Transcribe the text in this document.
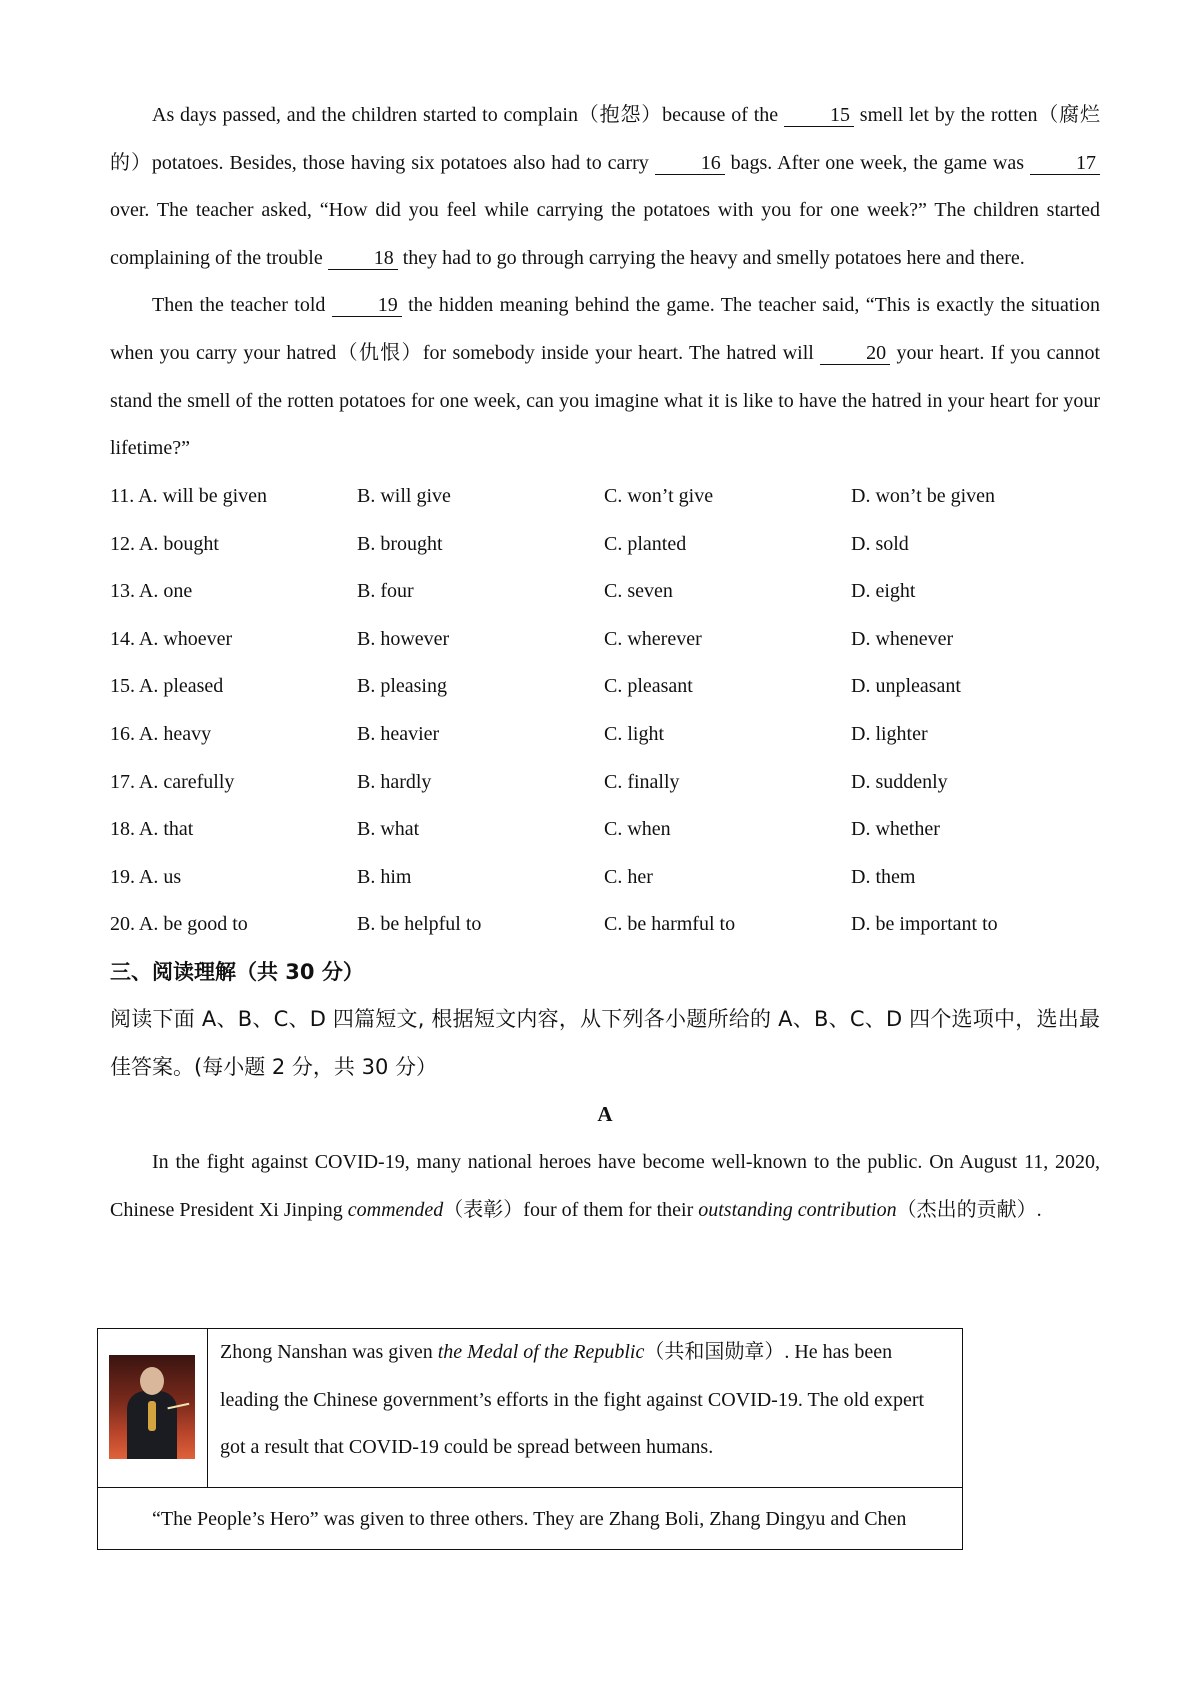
As days passed, and the children started to complain（抱怨）because of the 15 smell let by the rotten（腐烂的）potatoes. Besides, those having six potatoes also had to carry 16 bags. After one week, the game was 17 over. The teacher asked, “How did you feel while carrying the potatoes with you for one week?” The children started complaining of the trouble 18 they had to go through carrying the heavy and smelly potatoes here and there.

Then the teacher told 19 the hidden meaning behind the game. The teacher said, “This is exactly the situation when you carry your hatred（仇恨）for somebody inside your heart. The hatred will 20 your heart. If you cannot stand the smell of the rotten potatoes for one week, can you imagine what it is like to have the hatred in your heart for your lifetime?”

11. A. will be given	B. will give	C. won’t give	D. won’t be given
12. A. bought	B. brought	C. planted	D. sold
13. A. one	B. four	C. seven	D. eight
14. A. whoever	B. however	C. wherever	D. whenever
15. A. pleased	B. pleasing	C. pleasant	D. unpleasant
16. A. heavy	B. heavier	C. light	D. lighter
17. A. carefully	B. hardly	C. finally	D. suddenly
18. A. that	B. what	C. when	D. whether
19. A. us	B. him	C. her	D. them
20. A. be good to	B. be helpful to	C. be harmful to	D. be important to

三、阅读理解（共 30 分）

阅读下面 A、B、C、D 四篇短文, 根据短文内容，从下列各小题所给的 A、B、C、D 四个选项中，选出最佳答案。(每小题 2 分，共 30 分）

A

In the fight against COVID-19, many national heroes have become well-known to the public. On August 11, 2020, Chinese President Xi Jinping commended（表彰）four of them for their outstanding contribution（杰出的贡献）.

Zhong Nanshan was given the Medal of the Republic（共和国勋章）. He has been leading the Chinese government’s efforts in the fight against COVID-19. The old expert got a result that COVID-19 could be spread between humans.
“The People’s Hero” was given to three others. They are Zhang Boli, Zhang Dingyu and Chen
